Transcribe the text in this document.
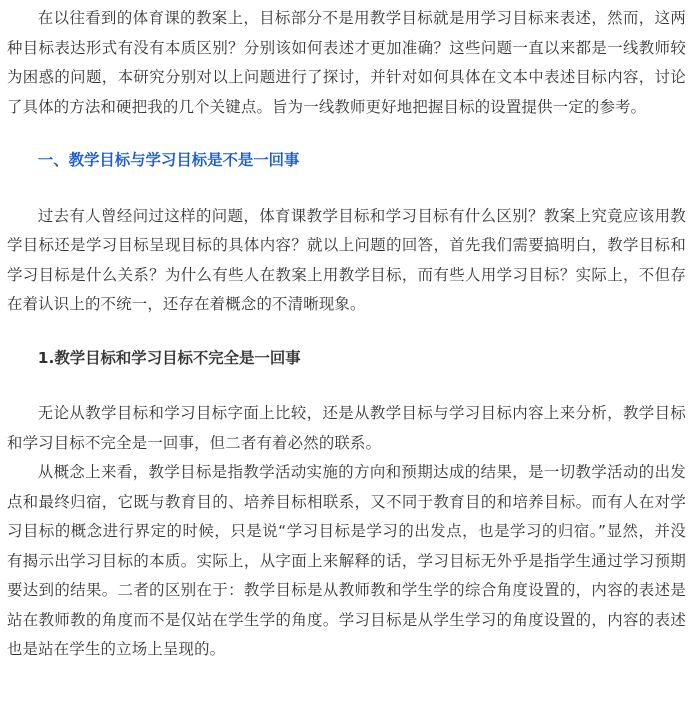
在以往看到的体育课的教案上，目标部分不是用教学目标就是用学习目标来表述，然而，这两种目标表达形式有没有本质区别？分别该如何表述才更加准确？这些问题一直以来都是一线教师较为困惑的问题，本研究分别对以上问题进行了探讨，并针对如何具体在文本中表述目标内容，讨论了具体的方法和硬把我的几个关键点。旨为一线教师更好地把握目标的设置提供一定的参考。

一、教学目标与学习目标是不是一回事

过去有人曾经问过这样的问题，体育课教学目标和学习目标有什么区别？教案上究竟应该用教学目标还是学习目标呈现目标的具体内容？就以上问题的回答，首先我们需要搞明白，教学目标和学习目标是什么关系？为什么有些人在教案上用教学目标，而有些人用学习目标？实际上，不但存在着认识上的不统一，还存在着概念的不清晰现象。

1.教学目标和学习目标不完全是一回事

无论从教学目标和学习目标字面上比较，还是从教学目标与学习目标内容上来分析，教学目标和学习目标不完全是一回事，但二者有着必然的联系。

从概念上来看，教学目标是指教学活动实施的方向和预期达成的结果，是一切教学活动的出发点和最终归宿，它既与教育目的、培养目标相联系，又不同于教育目的和培养目标。而有人在对学习目标的概念进行界定的时候，只是说“学习目标是学习的出发点，也是学习的归宿。”显然，并没有揭示出学习目标的本质。实际上，从字面上来解释的话，学习目标无外乎是指学生通过学习预期要达到的结果。二者的区别在于：教学目标是从教师教和学生学的综合角度设置的，内容的表述是站在教师教的角度而不是仅站在学生学的角度。学习目标是从学生学习的角度设置的，内容的表述也是站在学生的立场上呈现的。
